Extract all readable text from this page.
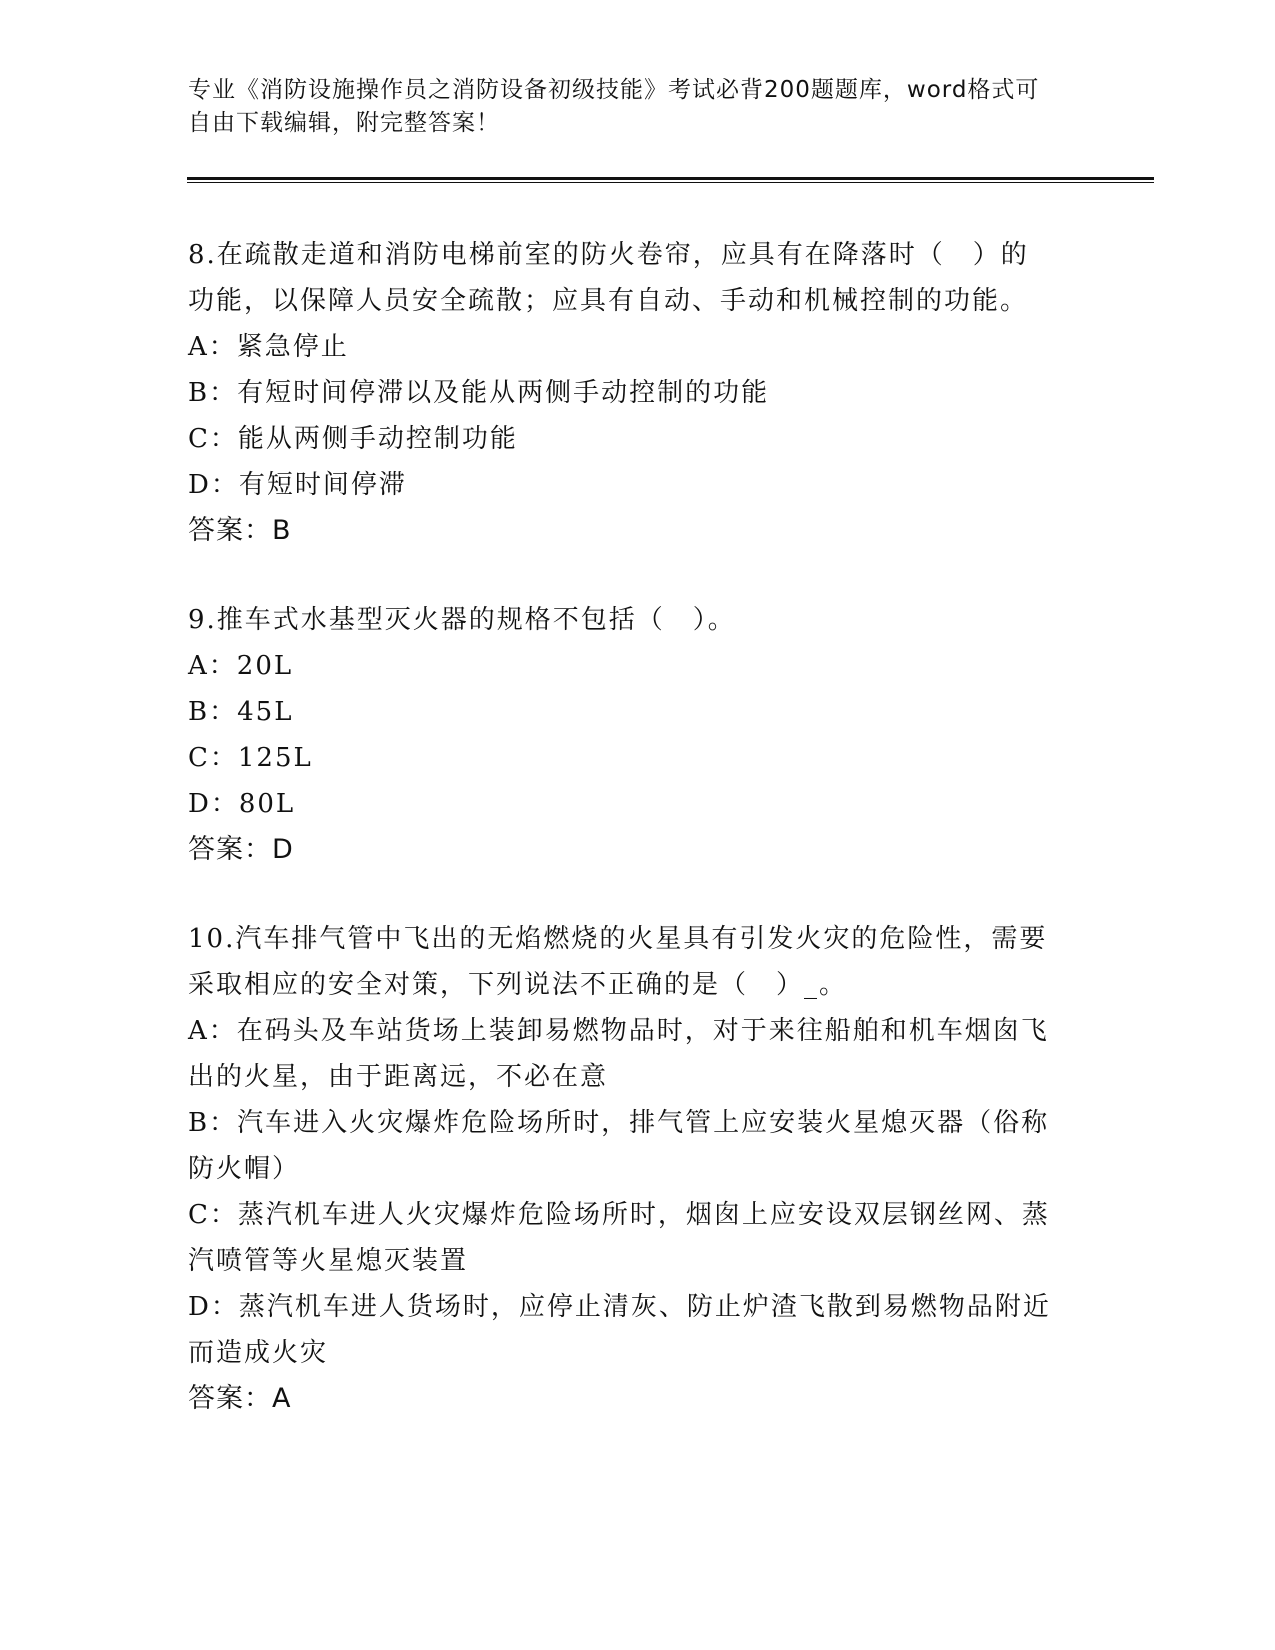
专业《消防设施操作员之消防设备初级技能》考试必背200题题库，word格式可
自由下载编辑，附完整答案！
8.在疏散走道和消防电梯前室的防火卷帘，应具有在降落时（　）的
功能，以保障人员安全疏散；应具有自动、手动和机械控制的功能。
A：紧急停止
B：有短时间停滞以及能从两侧手动控制的功能
C：能从两侧手动控制功能
D：有短时间停滞
答案：B
9.推车式水基型灭火器的规格不包括（　）。
A：20L
B：45L
C：125L
D：80L
答案：D
10.汽车排气管中飞出的无焰燃烧的火星具有引发火灾的危险性，需要
采取相应的安全对策，下列说法不正确的是（　）_。
A：在码头及车站货场上装卸易燃物品时，对于来往船舶和机车烟囱飞
出的火星，由于距离远，不必在意
B：汽车进入火灾爆炸危险场所时，排气管上应安装火星熄灭器（俗称
防火帽）
C：蒸汽机车进人火灾爆炸危险场所时，烟囱上应安设双层钢丝网、蒸
汽喷管等火星熄灭装置
D：蒸汽机车进人货场时，应停止清灰、防止炉渣飞散到易燃物品附近
而造成火灾
答案：A
